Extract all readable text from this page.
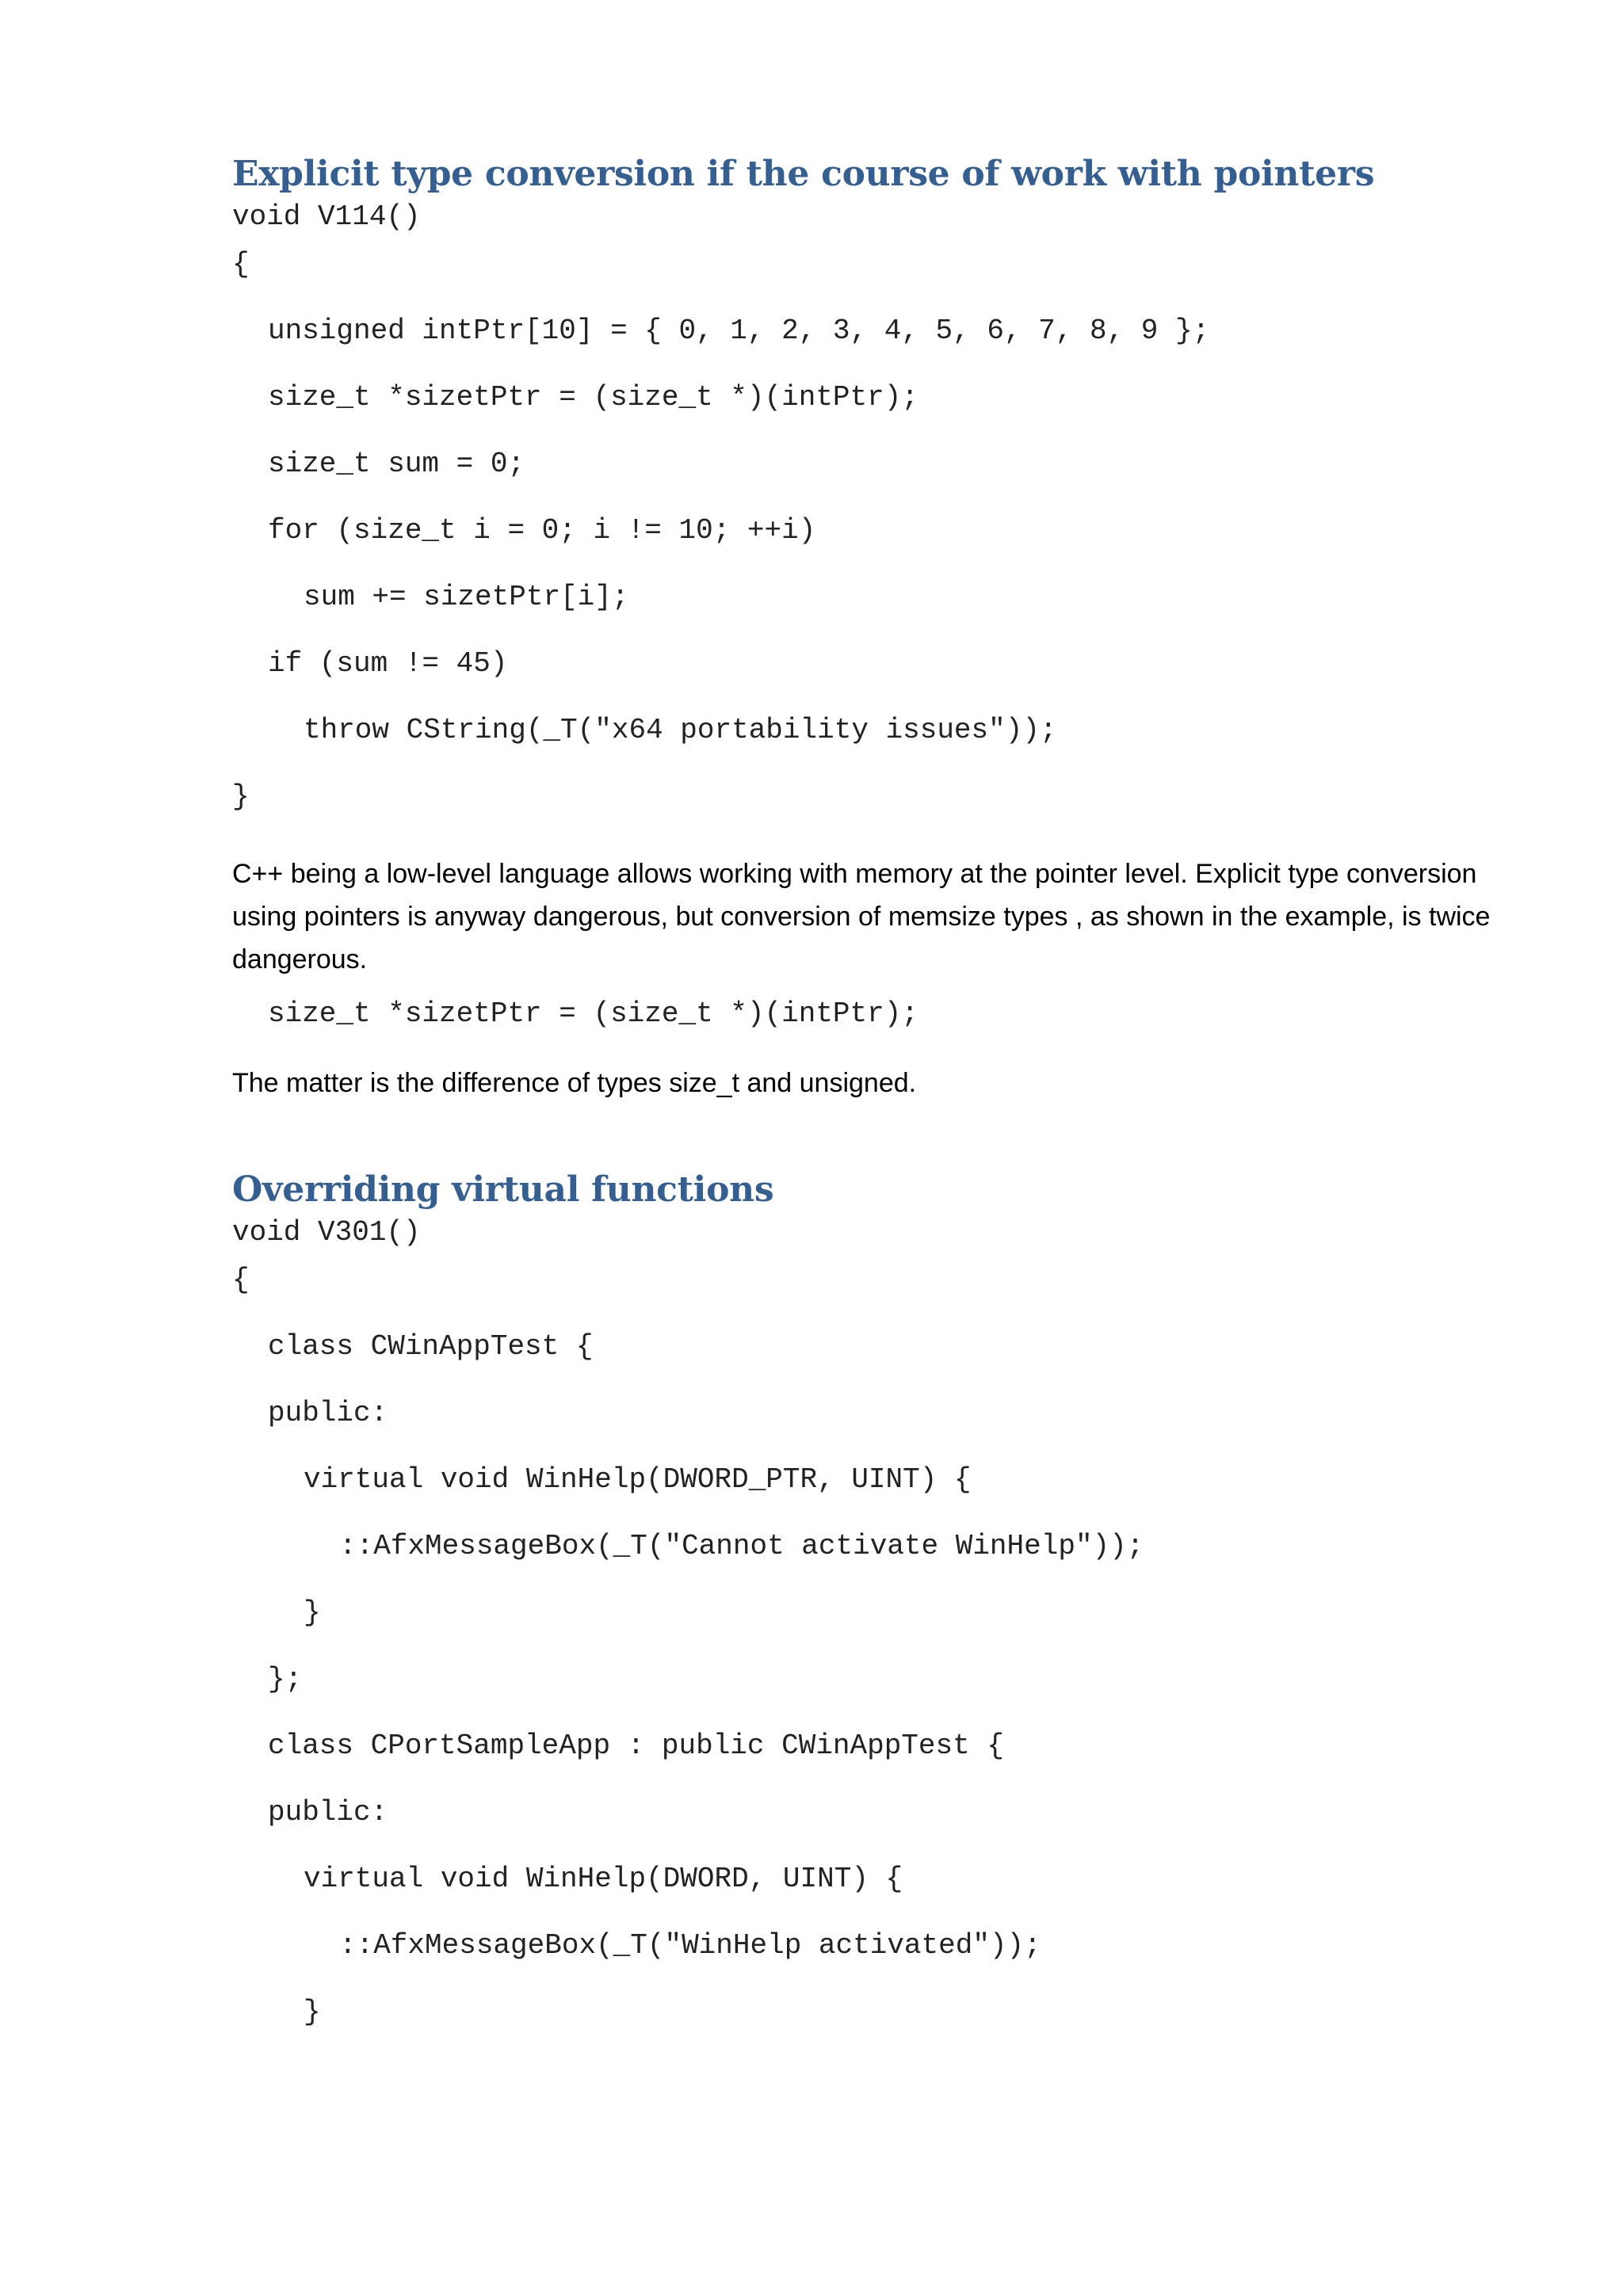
Explicit type conversion if the course of work with pointers
void V114()
{
unsigned intPtr[10] = { 0, 1, 2, 3, 4, 5, 6, 7, 8, 9 };
size_t *sizetPtr = (size_t *)(intPtr);
size_t sum = 0;
for (size_t i = 0; i != 10; ++i)
sum += sizetPtr[i];
if (sum != 45)
throw CString(_T("x64 portability issues"));
}

C++ being a low-level language allows working with memory at the pointer level. Explicit type conversion using pointers is anyway dangerous, but conversion of memsize types , as shown in the example, is twice dangerous.

size_t *sizetPtr = (size_t *)(intPtr);

The matter is the difference of types size_t and unsigned.

Overriding virtual functions
void V301()
{
class CWinAppTest {
public:
virtual void WinHelp(DWORD_PTR, UINT) {
::AfxMessageBox(_T("Cannot activate WinHelp"));
}
};
class CPortSampleApp : public CWinAppTest {
public:
virtual void WinHelp(DWORD, UINT) {
::AfxMessageBox(_T("WinHelp activated"));
}
